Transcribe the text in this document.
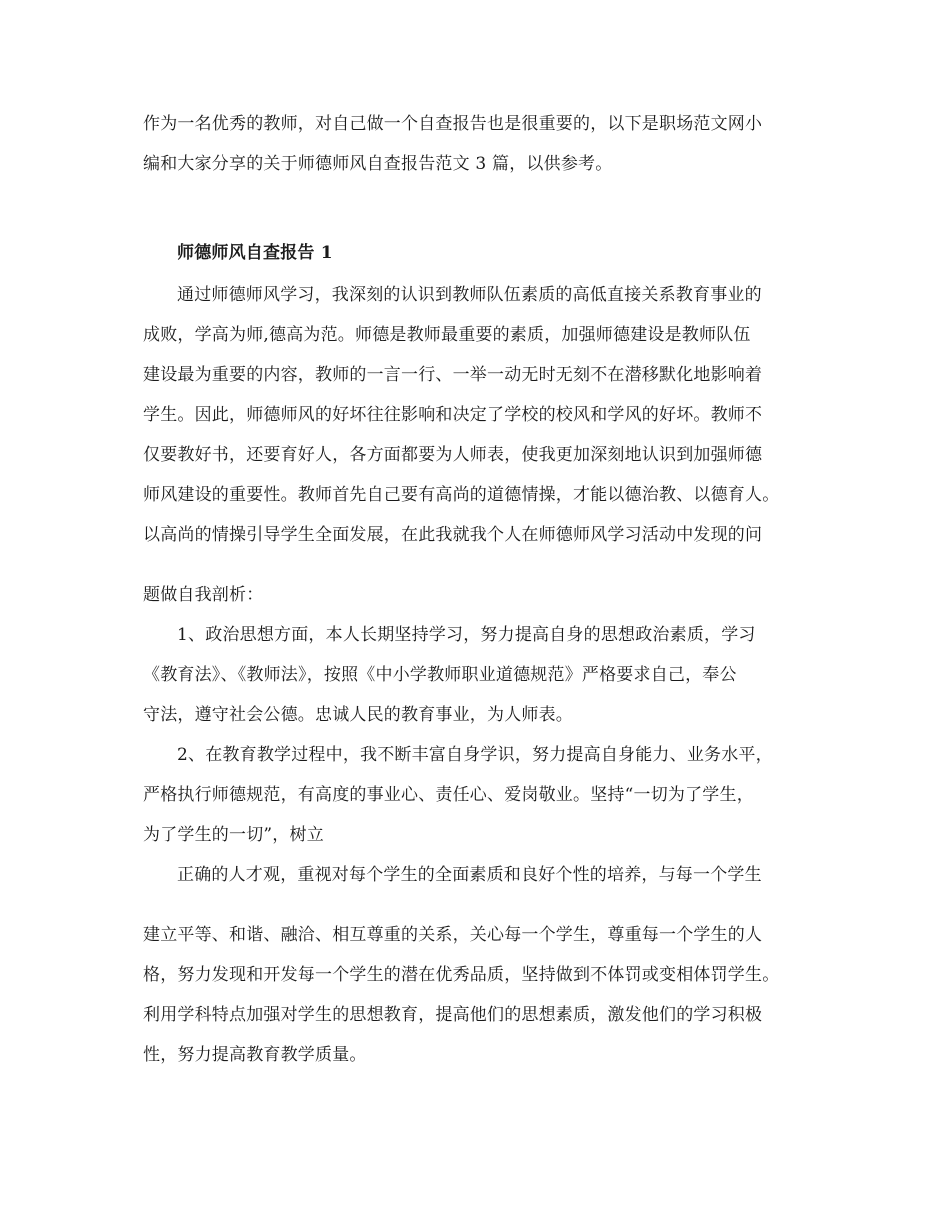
作为一名优秀的教师，对自己做一个自查报告也是很重要的，以下是职场范文网小
编和大家分享的关于师德师风自查报告范文 3 篇，以供参考。
师德师风自查报告 1
通过师德师风学习，我深刻的认识到教师队伍素质的高低直接关系教育事业的
成败，学高为师,德高为范。师德是教师最重要的素质，加强师德建设是教师队伍
建设最为重要的内容，教师的一言一行、一举一动无时无刻不在潜移默化地影响着
学生。因此，师德师风的好坏往往影响和决定了学校的校风和学风的好坏。教师不
仅要教好书，还要育好人，各方面都要为人师表，使我更加深刻地认识到加强师德
师风建设的重要性。教师首先自己要有高尚的道德情操，才能以德治教、以德育人。
以高尚的情操引导学生全面发展，在此我就我个人在师德师风学习活动中发现的问
题做自我剖析：
1、政治思想方面，本人长期坚持学习，努力提高自身的思想政治素质，学习
《教育法》、《教师法》，按照《中小学教师职业道德规范》严格要求自己，奉公
守法，遵守社会公德。忠诚人民的教育事业，为人师表。
2、在教育教学过程中，我不断丰富自身学识，努力提高自身能力、业务水平，
严格执行师德规范，有高度的事业心、责任心、爱岗敬业。坚持“一切为了学生，
为了学生的一切”，树立
正确的人才观，重视对每个学生的全面素质和良好个性的培养，与每一个学生
建立平等、和谐、融洽、相互尊重的关系，关心每一个学生，尊重每一个学生的人
格，努力发现和开发每一个学生的潜在优秀品质，坚持做到不体罚或变相体罚学生。
利用学科特点加强对学生的思想教育，提高他们的思想素质，激发他们的学习积极
性，努力提高教育教学质量。
